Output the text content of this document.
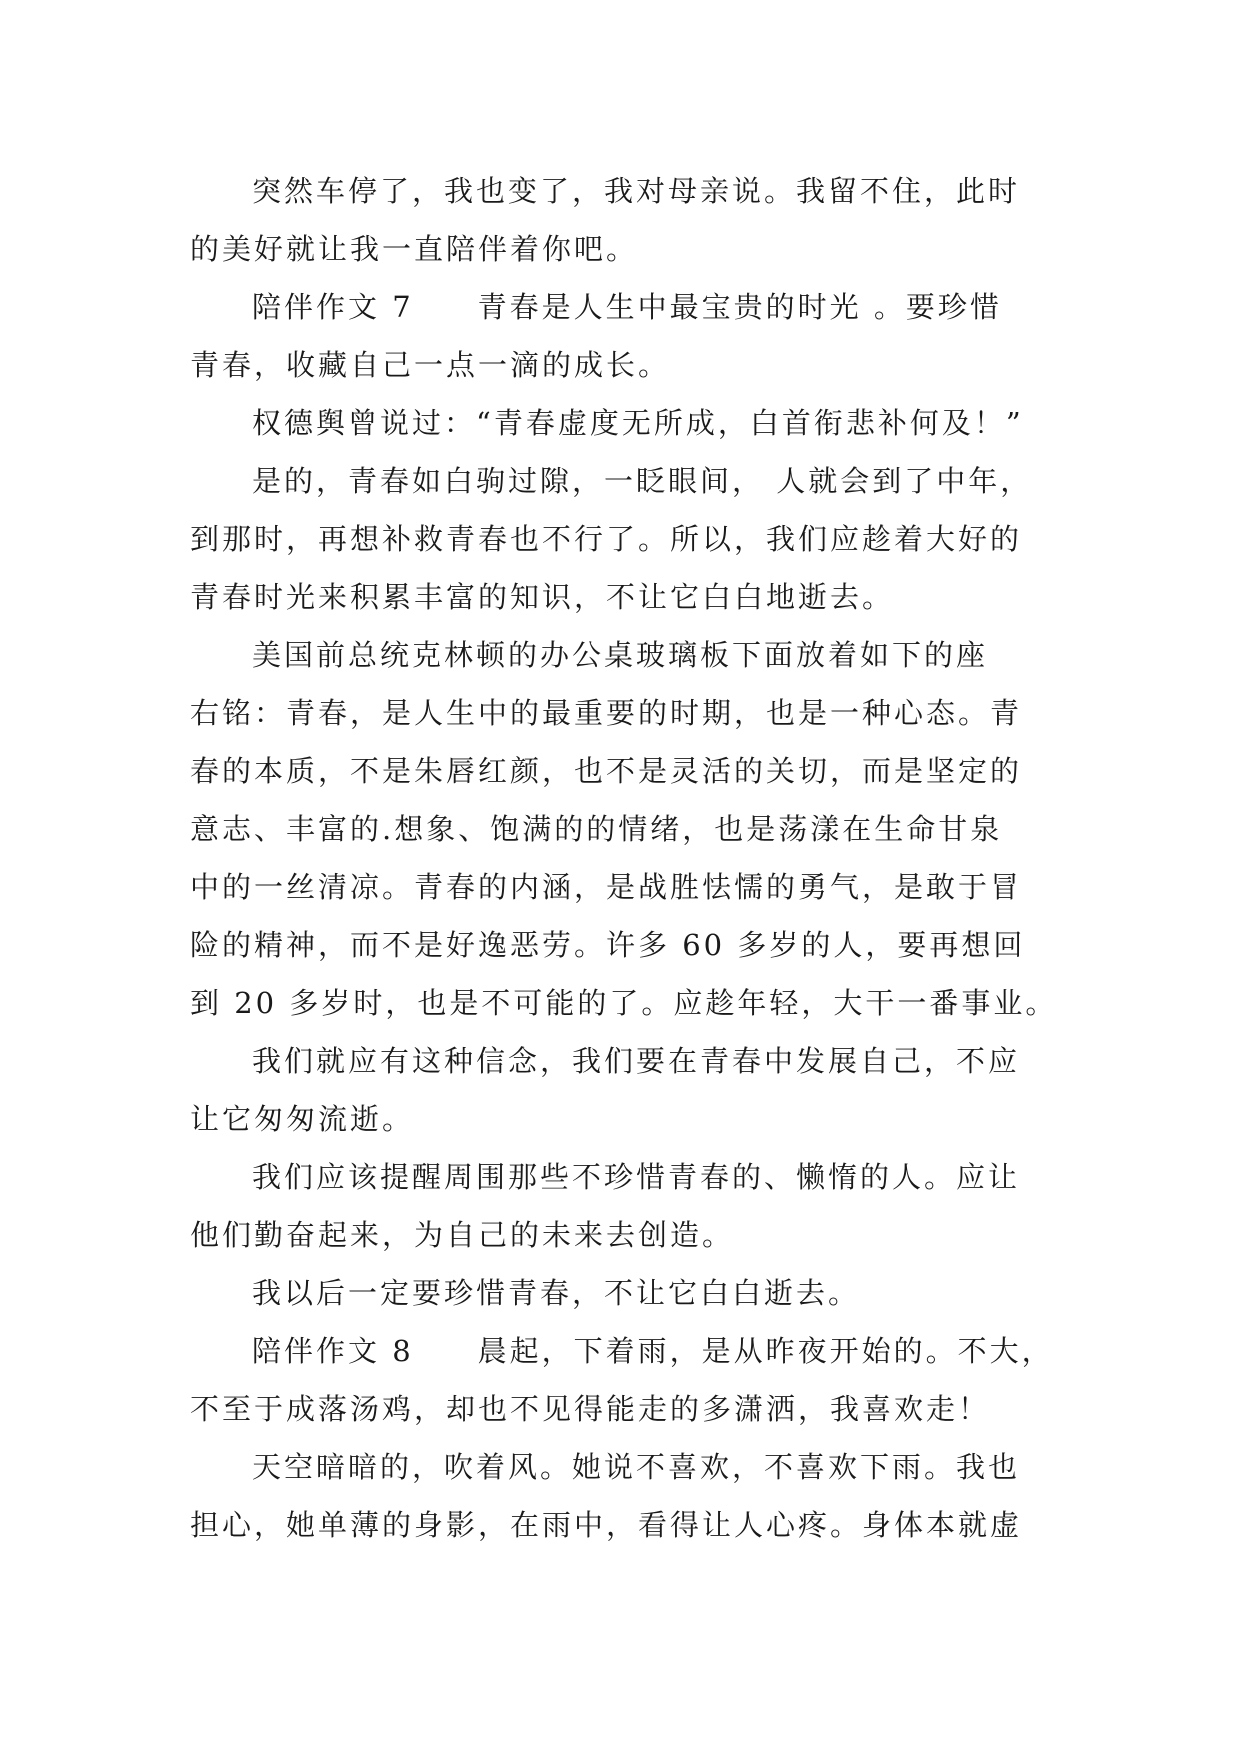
突然车停了，我也变了，我对母亲说。我留不住，此时
的美好就让我一直陪伴着你吧。

陪伴作文 7　　青春是人生中最宝贵的时光 。要珍惜
青春，收藏自己一点一滴的成长。

权德舆曾说过：“青春虚度无所成，白首衔悲补何及！”

是的，青春如白驹过隙，一眨眼间， 人就会到了中年，
到那时，再想补救青春也不行了。所以，我们应趁着大好的
青春时光来积累丰富的知识，不让它白白地逝去。

美国前总统克林顿的办公桌玻璃板下面放着如下的座
右铭：青春，是人生中的最重要的时期，也是一种心态。青
春的本质，不是朱唇红颜，也不是灵活的关切，而是坚定的
意志、丰富的.想象、饱满的的情绪，也是荡漾在生命甘泉
中的一丝清凉。青春的内涵，是战胜怯懦的勇气，是敢于冒
险的精神，而不是好逸恶劳。许多 60 多岁的人，要再想回
到 20 多岁时，也是不可能的了。应趁年轻，大干一番事业。

我们就应有这种信念，我们要在青春中发展自己，不应
让它匆匆流逝。

我们应该提醒周围那些不珍惜青春的、懒惰的人。应让
他们勤奋起来，为自己的未来去创造。

我以后一定要珍惜青春，不让它白白逝去。

陪伴作文 8　　晨起，下着雨，是从昨夜开始的。不大，
不至于成落汤鸡，却也不见得能走的多潇洒，我喜欢走！

天空暗暗的，吹着风。她说不喜欢，不喜欢下雨。我也
担心，她单薄的身影，在雨中，看得让人心疼。身体本就虚
